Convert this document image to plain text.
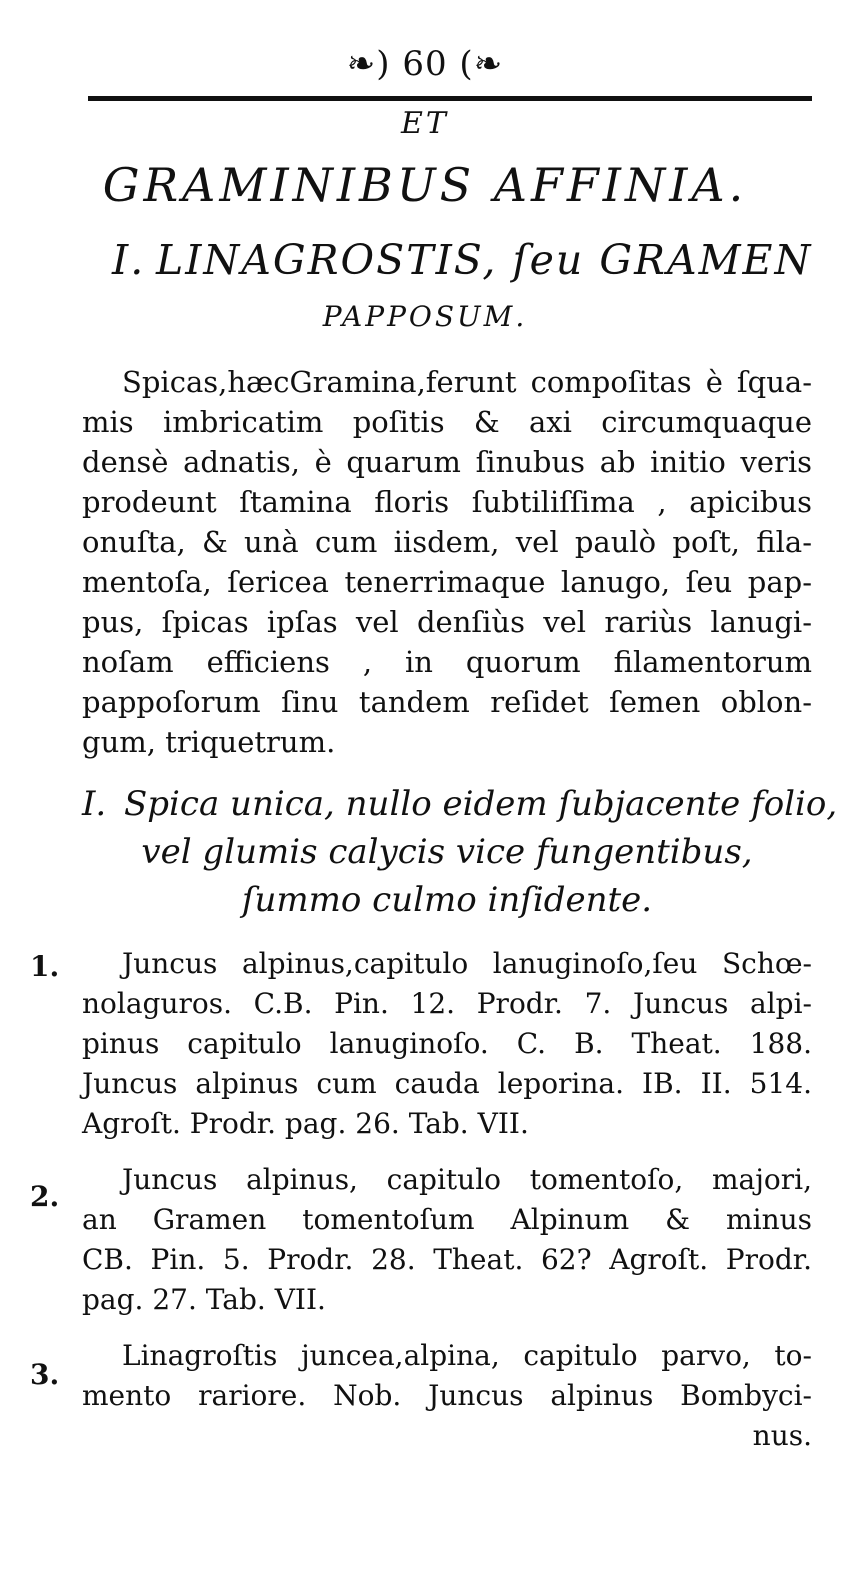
❧) 60 (❧
ET
GRAMINIBUS AFFINIA.
I. LINAGROSTIS, ſeu GRAMEN
PAPPOSUM.
Spicas,hæcGramina,ferunt compoſitas è ſqua-
mis imbricatim poſitis & axi circumquaque
densè adnatis, è quarum ſinubus ab initio veris
prodeunt ſtamina floris ſubtiliſſima , apicibus
onuſta, & unà cum iisdem, vel paulò poſt, fila-
mentoſa, ſericea tenerrimaque lanugo, ſeu pap-
pus, ſpicas ipſas vel denſiùs vel rariùs lanugi-
noſam efficiens , in quorum filamentorum
pappoſorum ſinu tandem reſidet ſemen oblon-
gum, triquetrum.
I. Spica unica, nullo eidem ſubjacente folio,
vel glumis calycis vice fungentibus,
ſummo culmo inſidente.
1.	Juncus alpinus,capitulo lanuginoſo,ſeu Schœ-
nolaguros. C.B. Pin. 12. Prodr. 7. Juncus alpi-
pinus capitulo lanuginoſo. C. B. Theat. 188.
Juncus alpinus cum cauda leporina. IB. II. 514.
Agroſt. Prodr. pag. 26. Tab. VII.
2.
Juncus alpinus, capitulo tomentoſo, majori,
an Gramen tomentoſum Alpinum & minus
CB. Pin. 5. Prodr. 28. Theat. 62? Agroſt. Prodr.
pag. 27. Tab. VII.
3.
Linagroſtis juncea,alpina, capitulo parvo, to-
mento rariore. Nob. Juncus alpinus Bombyci-
nus.
